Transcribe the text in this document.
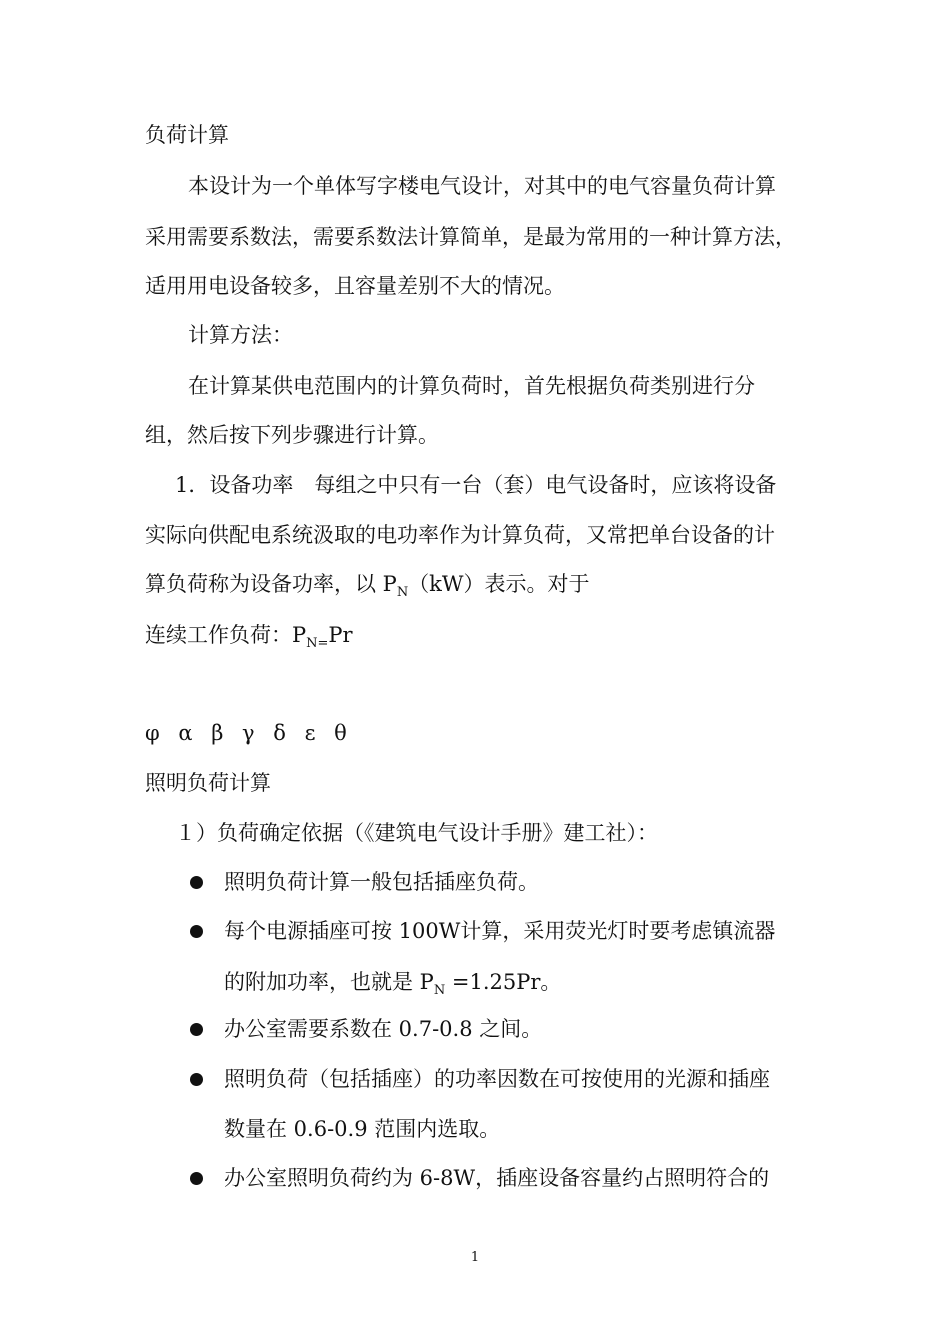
负荷计算
本设计为一个单体写字楼电气设计，对其中的电气容量负荷计算
采用需要系数法，需要系数法计算简单，是最为常用的一种计算方法，
适用用电设备较多，且容量差别不大的情况。
计算方法：
在计算某供电范围内的计算负荷时，首先根据负荷类别进行分
组，然后按下列步骤进行计算。
1．设备功率　每组之中只有一台（套）电气设备时，应该将设备
实际向供配电系统汲取的电功率作为计算负荷，又常把单台设备的计
算负荷称为设备功率，以 $P_N(kW)$表示。对于
连续工作负荷：$P_{N=}Pr$
φ α β γ δ ε θ
照明负荷计算
１）负荷确定依据（《建筑电气设计手册》建工社）：
照明负荷计算一般包括插座负荷。
每个电源插座可按 100W计算，采用荧光灯时要考虑镇流器
的附加功率，也就是 $P_N =1.25Pr$。
办公室需要系数在 0.7-0.8 之间。
照明负荷（包括插座）的功率因数在可按使用的光源和插座
数量在 0.6-0.9 范围内选取。
办公室照明负荷约为 6-8W，插座设备容量约占照明符合的
1
